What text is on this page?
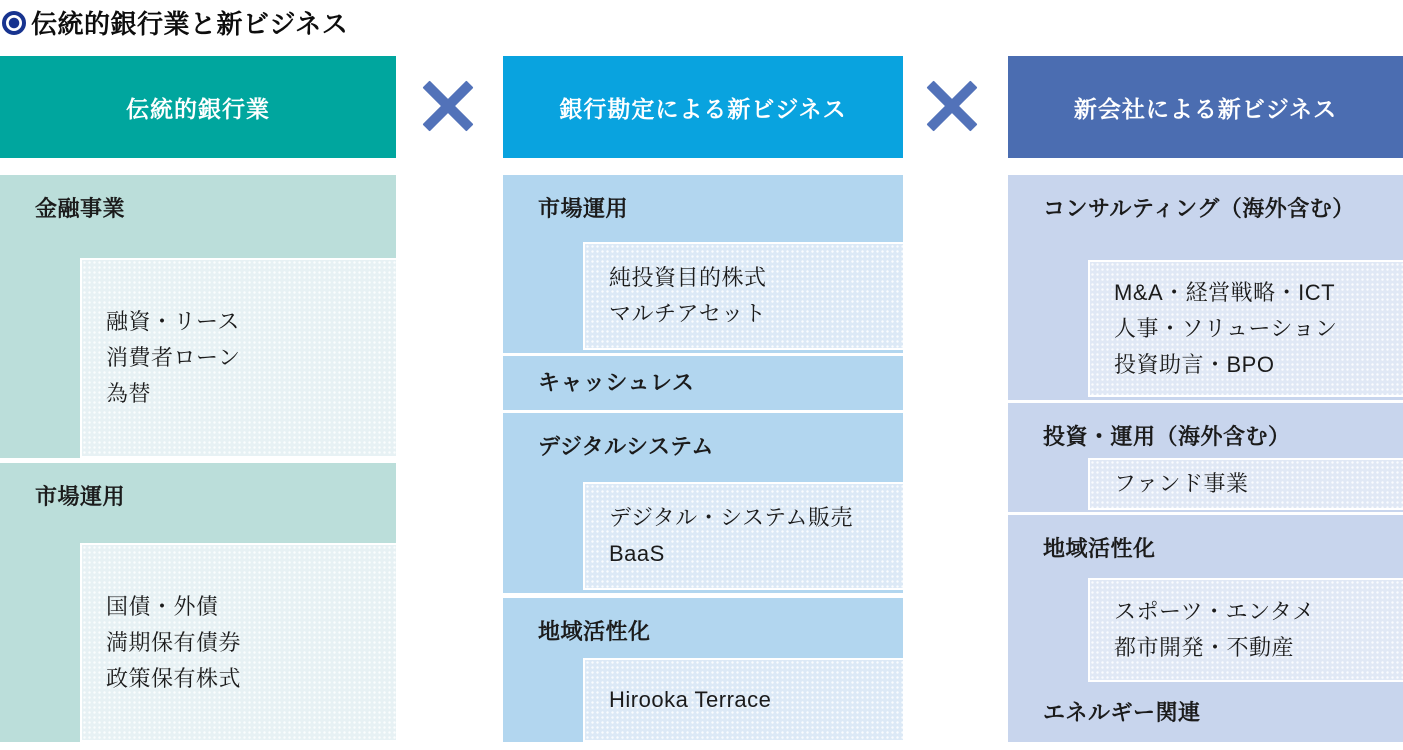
伝統的銀行業と新ビジネス
伝統的銀行業
金融事業
融資・リース
消費者ローン
為替
市場運用
国債・外債
満期保有債券
政策保有株式
銀行勘定による新ビジネス
市場運用
純投資目的株式
マルチアセット
キャッシュレス
デジタルシステム
デジタル・システム販売
BaaS
地域活性化
Hirooka Terrace
新会社による新ビジネス
コンサルティング（海外含む）
M&A・経営戦略・ICT
人事・ソリューション
投資助言・BPO
投資・運用（海外含む）
ファンド事業
地域活性化
スポーツ・エンタメ
都市開発・不動産
エネルギー関連
